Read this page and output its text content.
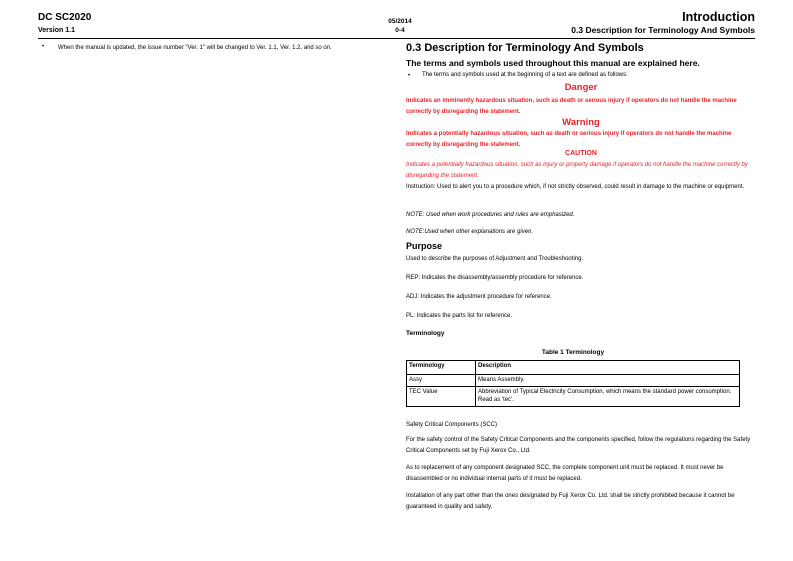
DC SC2020
Version 1.1
05/2014
0-4
Introduction
0.3 Description for Terminology And Symbols
• When the manual is updated, the issue number "Ver. 1" will be changed to Ver. 1.1, Ver. 1.2, and so on.	0.3 Description for Terminology And Symbols
The terms and symbols used throughout this manual are explained here.
• The terms and symbols used at the beginning of a text are defined as follows:
Danger
Indicates an imminently hazardous situation, such as death or serious injury if operators do not handle the machine correctly by disregarding the statement.
Warning
Indicates a potentially hazardous situation, such as death or serious injury if operators do not handle the machine correctly by disregarding the statement.
CAUTION
Indicates a potentially hazardous situation, such as injury or property damage if operators do not handle the machine correctly by disregarding the statement.
Instruction: Used to alert you to a procedure which, if not strictly observed, could result in damage to the machine or equipment.
NOTE: Used when work procedures and rules are emphasized.
NOTE:Used when other explanations are given.
Purpose
Used to describe the purposes of Adjustment and Troubleshooting.
REP: Indicates the disassembly/assembly procedure for reference.
ADJ: Indicates the adjustment procedure for reference.
PL: Indicates the parts list for reference.
Terminology
Table 1 Terminology
Terminology	Description
Assy	Means Assembly.
TEC Value	Abbreviation of Typical Electricity Consumption, which means the standard power consumption. Read as 'tec'.
Safety Critical Components (SCC)
For the safety control of the Safety Critical Components and the components specified, follow the regulations regarding the Safety Critical Components set by Fuji Xerox Co., Ltd.
As to replacement of any component designated SCC, the complete component unit must be replaced. It must never be disassembled or no individual internal parts of it must be replaced.
Installation of any part other than the ones designated by Fuji Xerox Co. Ltd. shall be strictly prohibited because it cannot be guaranteed in quality and safety.
